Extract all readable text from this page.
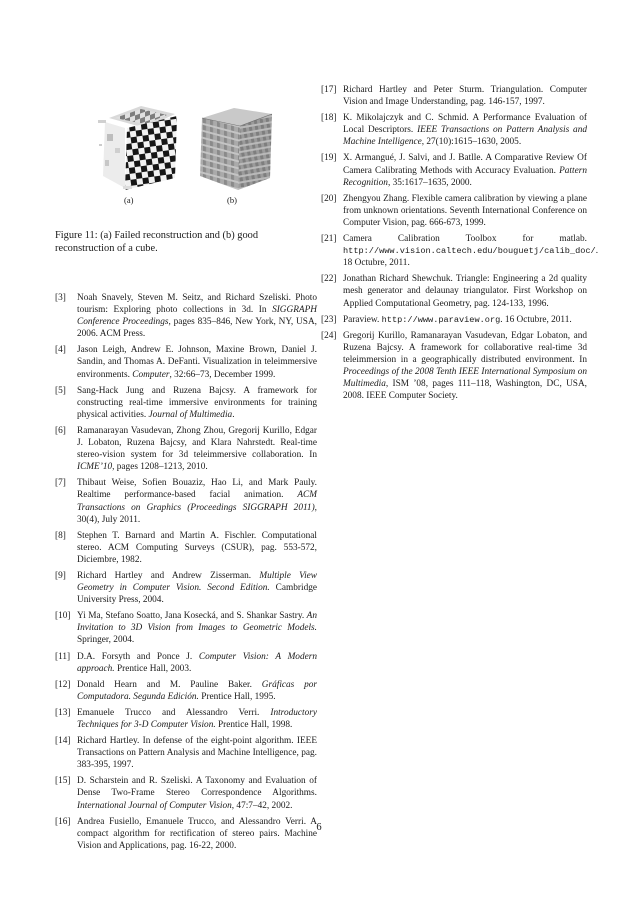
(a)	(b)
Figure 11: (a) Failed reconstruction and (b) good reconstruction of a cube.
[3] Noah Snavely, Steven M. Seitz, and Richard Szeliski. Photo tourism: Exploring photo collections in 3d. In SIGGRAPH Conference Proceedings, pages 835–846, New York, NY, USA, 2006. ACM Press.
[4] Jason Leigh, Andrew E. Johnson, Maxine Brown, Daniel J. Sandin, and Thomas A. DeFanti. Visualization in teleimmersive environments. Computer, 32:66–73, December 1999.
[5] Sang-Hack Jung and Ruzena Bajcsy. A framework for constructing real-time immersive environments for training physical activities. Journal of Multimedia.
[6] Ramanarayan Vasudevan, Zhong Zhou, Gregorij Kurillo, Edgar J. Lobaton, Ruzena Bajcsy, and Klara Nahrstedt. Real-time stereo-vision system for 3d teleimmersive collaboration. In ICME’10, pages 1208–1213, 2010.
[7] Thibaut Weise, Sofien Bouaziz, Hao Li, and Mark Pauly. Realtime performance-based facial animation. ACM Transactions on Graphics (Proceedings SIGGRAPH 2011), 30(4), July 2011.
[8] Stephen T. Barnard and Martin A. Fischler. Computational stereo. ACM Computing Surveys (CSUR), pag. 553-572, Diciembre, 1982.
[9] Richard Hartley and Andrew Zisserman. Multiple View Geometry in Computer Vision. Second Edition. Cambridge University Press, 2004.
[10] Yi Ma, Stefano Soatto, Jana Kosecká, and S. Shankar Sastry. An Invitation to 3D Vision from Images to Geometric Models. Springer, 2004.
[11] D.A. Forsyth and Ponce J. Computer Vision: A Modern approach. Prentice Hall, 2003.
[12] Donald Hearn and M. Pauline Baker. Gráficas por Computadora. Segunda Edición. Prentice Hall, 1995.
[13] Emanuele Trucco and Alessandro Verri. Introductory Techniques for 3-D Computer Vision. Prentice Hall, 1998.
[14] Richard Hartley. In defense of the eight-point algorithm. IEEE Transactions on Pattern Analysis and Machine Intelligence, pag. 383-395, 1997.
[15] D. Scharstein and R. Szeliski. A Taxonomy and Evaluation of Dense Two-Frame Stereo Correspondence Algorithms. International Journal of Computer Vision, 47:7–42, 2002.
[16] Andrea Fusiello, Emanuele Trucco, and Alessandro Verri. A compact algorithm for rectification of stereo pairs. Machine Vision and Applications, pag. 16-22, 2000.
[17] Richard Hartley and Peter Sturm. Triangulation. Computer Vision and Image Understanding, pag. 146-157, 1997.
[18] K. Mikolajczyk and C. Schmid. A Performance Evaluation of Local Descriptors. IEEE Transactions on Pattern Analysis and Machine Intelligence, 27(10):1615–1630, 2005.
[19] X. Armangué, J. Salvi, and J. Batlle. A Comparative Review Of Camera Calibrating Methods with Accuracy Evaluation. Pattern Recognition, 35:1617–1635, 2000.
[20] Zhengyou Zhang. Flexible camera calibration by viewing a plane from unknown orientations. Seventh International Conference on Computer Vision, pag. 666-673, 1999.
[21] Camera Calibration Toolbox for matlab. http://www.vision.caltech.edu/bouguetj/calib_doc/. 18 Octubre, 2011.
[22] Jonathan Richard Shewchuk. Triangle: Engineering a 2d quality mesh generator and delaunay triangulator. First Workshop on Applied Computational Geometry, pag. 124-133, 1996.
[23] Paraview. http://www.paraview.org. 16 Octubre, 2011.
[24] Gregorij Kurillo, Ramanarayan Vasudevan, Edgar Lobaton, and Ruzena Bajcsy. A framework for collaborative real-time 3d teleimmersion in a geographically distributed environment. In Proceedings of the 2008 Tenth IEEE International Symposium on Multimedia, ISM ’08, pages 111–118, Washington, DC, USA, 2008. IEEE Computer Society.
6
